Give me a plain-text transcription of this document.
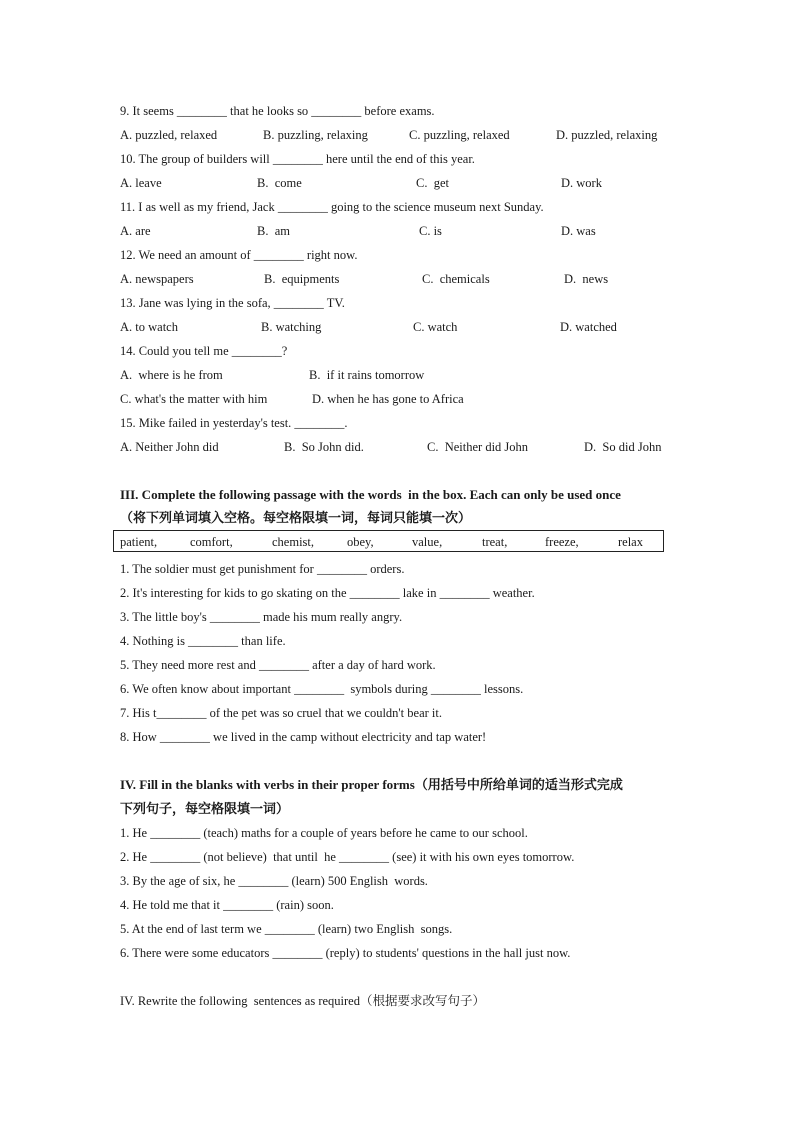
9. It seems ________ that he looks so ________ before exams.
A. puzzled, relaxed	B. puzzling, relaxing	C. puzzling, relaxed	D. puzzled, relaxing
10. The group of builders will ________ here until the end of this year.
A. leave	B.  come	C.  get	D. work
11. I as well as my friend, Jack ________ going to the science museum next Sunday.
A. are	B.  am	C. is	D. was
12. We need an amount of ________ right now.
A. newspapers	B.  equipments	C.  chemicals	D.  news
13. Jane was lying in the sofa, ________ TV.
A. to watch	B. watching	C. watch	D. watched
14. Could you tell me ________?
A.  where is he from	B.  if it rains tomorrow
C. what's the matter with him	D. when he has gone to Africa
15. Mike failed in yesterday's test. ________.
A. Neither John did	B.  So John did.	C.  Neither did John	D.  So did John
III. Complete the following passage with the words  in the box. Each can only be used once
（将下列单词填入空格。每空格限填一词，每词只能填一次）
patient,	comfort,	chemist,	obey,	value,	treat,	freeze,	relax
1. The soldier must get punishment for ________ orders.
2. It's interesting for kids to go skating on the ________ lake in ________ weather.
3. The little boy's ________ made his mum really angry.
4. Nothing is ________ than life.
5. They need more rest and ________ after a day of hard work.
6. We often know about important ________  symbols during ________ lessons.
7. His t________ of the pet was so cruel that we couldn't bear it.
8. How ________ we lived in the camp without electricity and tap water!
IV. Fill in the blanks with verbs in their proper forms（用括号中所给单词的适当形式完成
下列句子，每空格限填一词）
1. He ________ (teach) maths for a couple of years before he came to our school.
2. He ________ (not believe)  that until  he ________ (see) it with his own eyes tomorrow.
3. By the age of six, he ________ (learn) 500 English  words.
4. He told me that it ________ (rain) soon.
5. At the end of last term we ________ (learn) two English  songs.
6. There were some educators ________ (reply) to students' questions in the hall just now.
IV. Rewrite the following  sentences as required（根据要求改写句子）
